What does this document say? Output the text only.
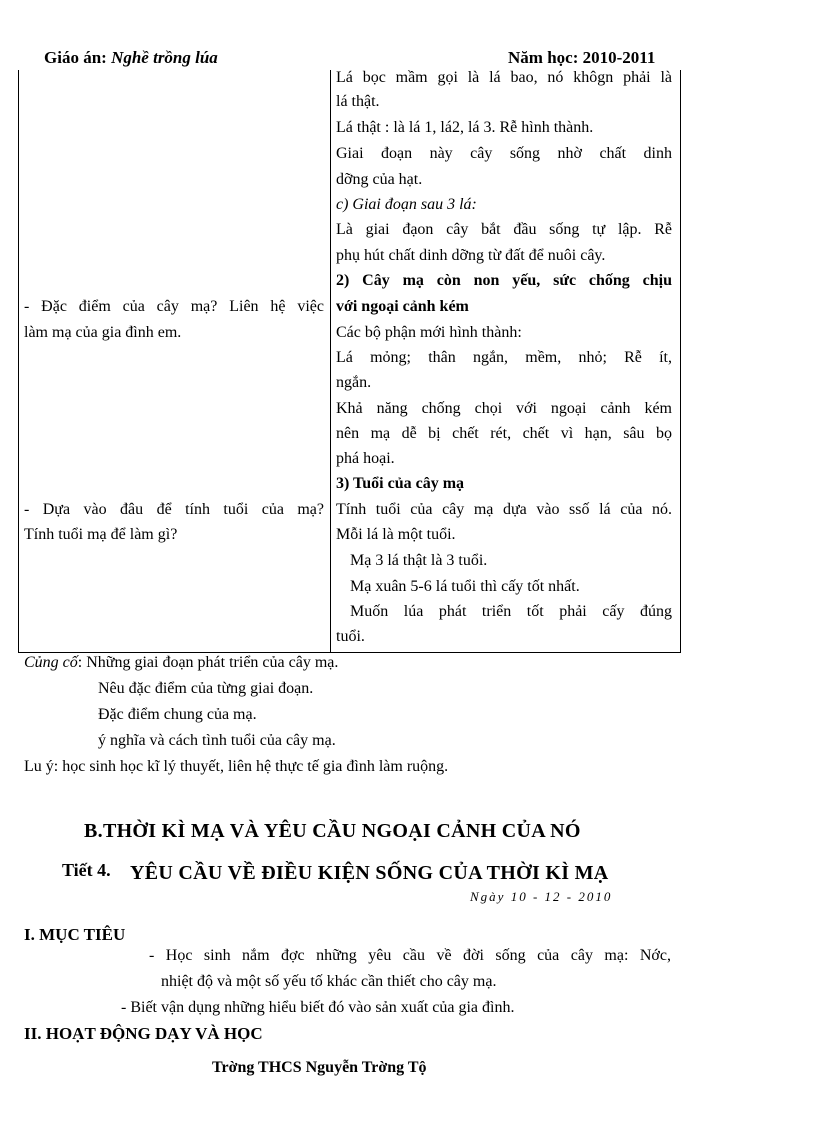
Giáo án: Nghề trồng lúa	Năm học: 2010-2011
Lá bọc mầm gọi là lá bao, nó khôgn phải là
lá thật.
Lá thật : là lá 1, lá2, lá 3. Rễ hình thành.
Giai đoạn này cây sống nhờ chất dinh
dỡng của hạt.
c) Giai đoạn sau 3 lá:
Là giai đạon cây bắt đầu sống tự lập. Rễ
phụ hút chất dinh dỡng từ đất để nuôi cây.
2) Cây mạ còn non yếu, sức chống chịu
với ngoại cảnh kém
Các bộ phận mới hình thành:
Lá mỏng; thân ngắn, mềm, nhỏ; Rễ ít,
ngắn.
Khả năng chống chọi với ngoại cảnh kém
nên mạ dễ bị chết rét, chết vì hạn, sâu bọ
phá hoại.
3) Tuổi của cây mạ
Tính tuổi của cây mạ dựa vào ssố lá của nó.
Mỗi lá là một tuổi.
Mạ 3 lá thật là 3 tuổi.
Mạ xuân 5-6 lá tuổi thì cấy tốt nhất.
Muốn lúa phát triển tốt phải cấy đúng
tuổi.
- Đặc điểm của cây mạ? Liên hệ việc
làm mạ của gia đình em.
- Dựa vào đâu để tính tuổi của mạ?
Tính tuổi mạ để làm gì?
Củng cố: Những giai đoạn phát triển của cây mạ.
Nêu đặc điểm của từng giai đoạn.
Đặc điểm chung của mạ.
ý nghĩa và cách tình tuổi của cây mạ.
Lu ý: học sinh học kĩ lý thuyết, liên hệ thực tế gia đình làm ruộng.
B.THỜI KÌ MẠ VÀ YÊU CẦU NGOẠI CẢNH CỦA NÓ
Tiết 4. YÊU CẦU VỀ ĐIỀU KIỆN SỐNG CỦA THỜI KÌ MẠ
Ngày 10 - 12 - 2010
I. MỤC TIÊU
- Học sinh nắm đợc những yêu cầu về đời sống của cây mạ: Nớc,
nhiệt độ và một số yếu tố khác cần thiết cho cây mạ.
- Biết vận dụng những hiểu biết đó vào sản xuất của gia đình.
II. HOẠT ĐỘNG DẠY VÀ HỌC
Trờng THCS Nguyễn Trờng Tộ
